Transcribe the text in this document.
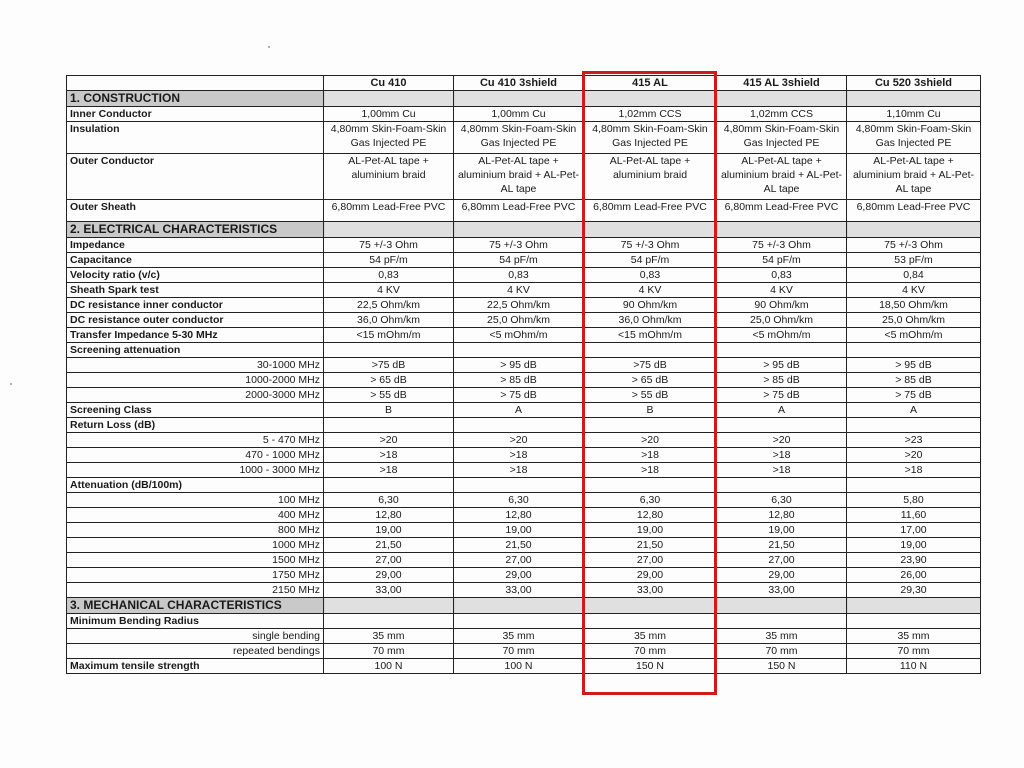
	Cu 410	Cu 410 3shield	415 AL	415 AL 3shield	Cu 520 3shield
1. CONSTRUCTION					
Inner Conductor	1,00mm Cu	1,00mm Cu	1,02mm CCS	1,02mm CCS	1,10mm Cu
Insulation	4,80mm Skin-Foam-Skin Gas Injected PE	4,80mm Skin-Foam-Skin Gas Injected PE	4,80mm Skin-Foam-Skin Gas Injected PE	4,80mm Skin-Foam-Skin Gas Injected PE	4,80mm Skin-Foam-Skin Gas Injected PE
Outer Conductor	AL-Pet-AL tape + aluminium braid	AL-Pet-AL tape + aluminium braid + AL-Pet-AL tape	AL-Pet-AL tape + aluminium braid	AL-Pet-AL tape + aluminium braid + AL-Pet-AL tape	AL-Pet-AL tape + aluminium braid + AL-Pet-AL tape
Outer Sheath	6,80mm Lead-Free PVC	6,80mm Lead-Free PVC	6,80mm Lead-Free PVC	6,80mm Lead-Free PVC	6,80mm Lead-Free PVC
2. ELECTRICAL CHARACTERISTICS					
Impedance	75 +/-3 Ohm	75 +/-3 Ohm	75 +/-3 Ohm	75 +/-3 Ohm	75 +/-3 Ohm
Capacitance	54 pF/m	54 pF/m	54 pF/m	54 pF/m	53 pF/m
Velocity ratio (v/c)	0,83	0,83	0,83	0,83	0,84
Sheath Spark test	4 KV	4 KV	4 KV	4 KV	4 KV
DC resistance inner conductor	22,5 Ohm/km	22,5 Ohm/km	90 Ohm/km	90 Ohm/km	18,50 Ohm/km
DC resistance outer conductor	36,0 Ohm/km	25,0 Ohm/km	36,0 Ohm/km	25,0 Ohm/km	25,0 Ohm/km
Transfer Impedance 5-30 MHz	<15 mOhm/m	<5 mOhm/m	<15 mOhm/m	<5 mOhm/m	<5 mOhm/m
Screening attenuation					
30-1000 MHz	>75 dB	> 95 dB	>75 dB	> 95 dB	> 95 dB
1000-2000 MHz	> 65 dB	> 85 dB	> 65 dB	> 85 dB	> 85 dB
2000-3000 MHz	> 55 dB	> 75 dB	> 55 dB	> 75 dB	> 75 dB
Screening Class	B	A	B	A	A
Return Loss (dB)					
5 - 470 MHz	>20	>20	>20	>20	>23
470 - 1000 MHz	>18	>18	>18	>18	>20
1000 - 3000 MHz	>18	>18	>18	>18	>18
Attenuation (dB/100m)					
100 MHz	6,30	6,30	6,30	6,30	5,80
400 MHz	12,80	12,80	12,80	12,80	11,60
800 MHz	19,00	19,00	19,00	19,00	17,00
1000 MHz	21,50	21,50	21,50	21,50	19,00
1500 MHz	27,00	27,00	27,00	27,00	23,90
1750 MHz	29,00	29,00	29,00	29,00	26,00
2150 MHz	33,00	33,00	33,00	33,00	29,30
3. MECHANICAL CHARACTERISTICS					
Minimum Bending Radius					
single bending	35 mm	35 mm	35 mm	35 mm	35 mm
repeated bendings	70 mm	70 mm	70 mm	70 mm	70 mm
Maximum tensile strength	100 N	100 N	150 N	150 N	110 N
